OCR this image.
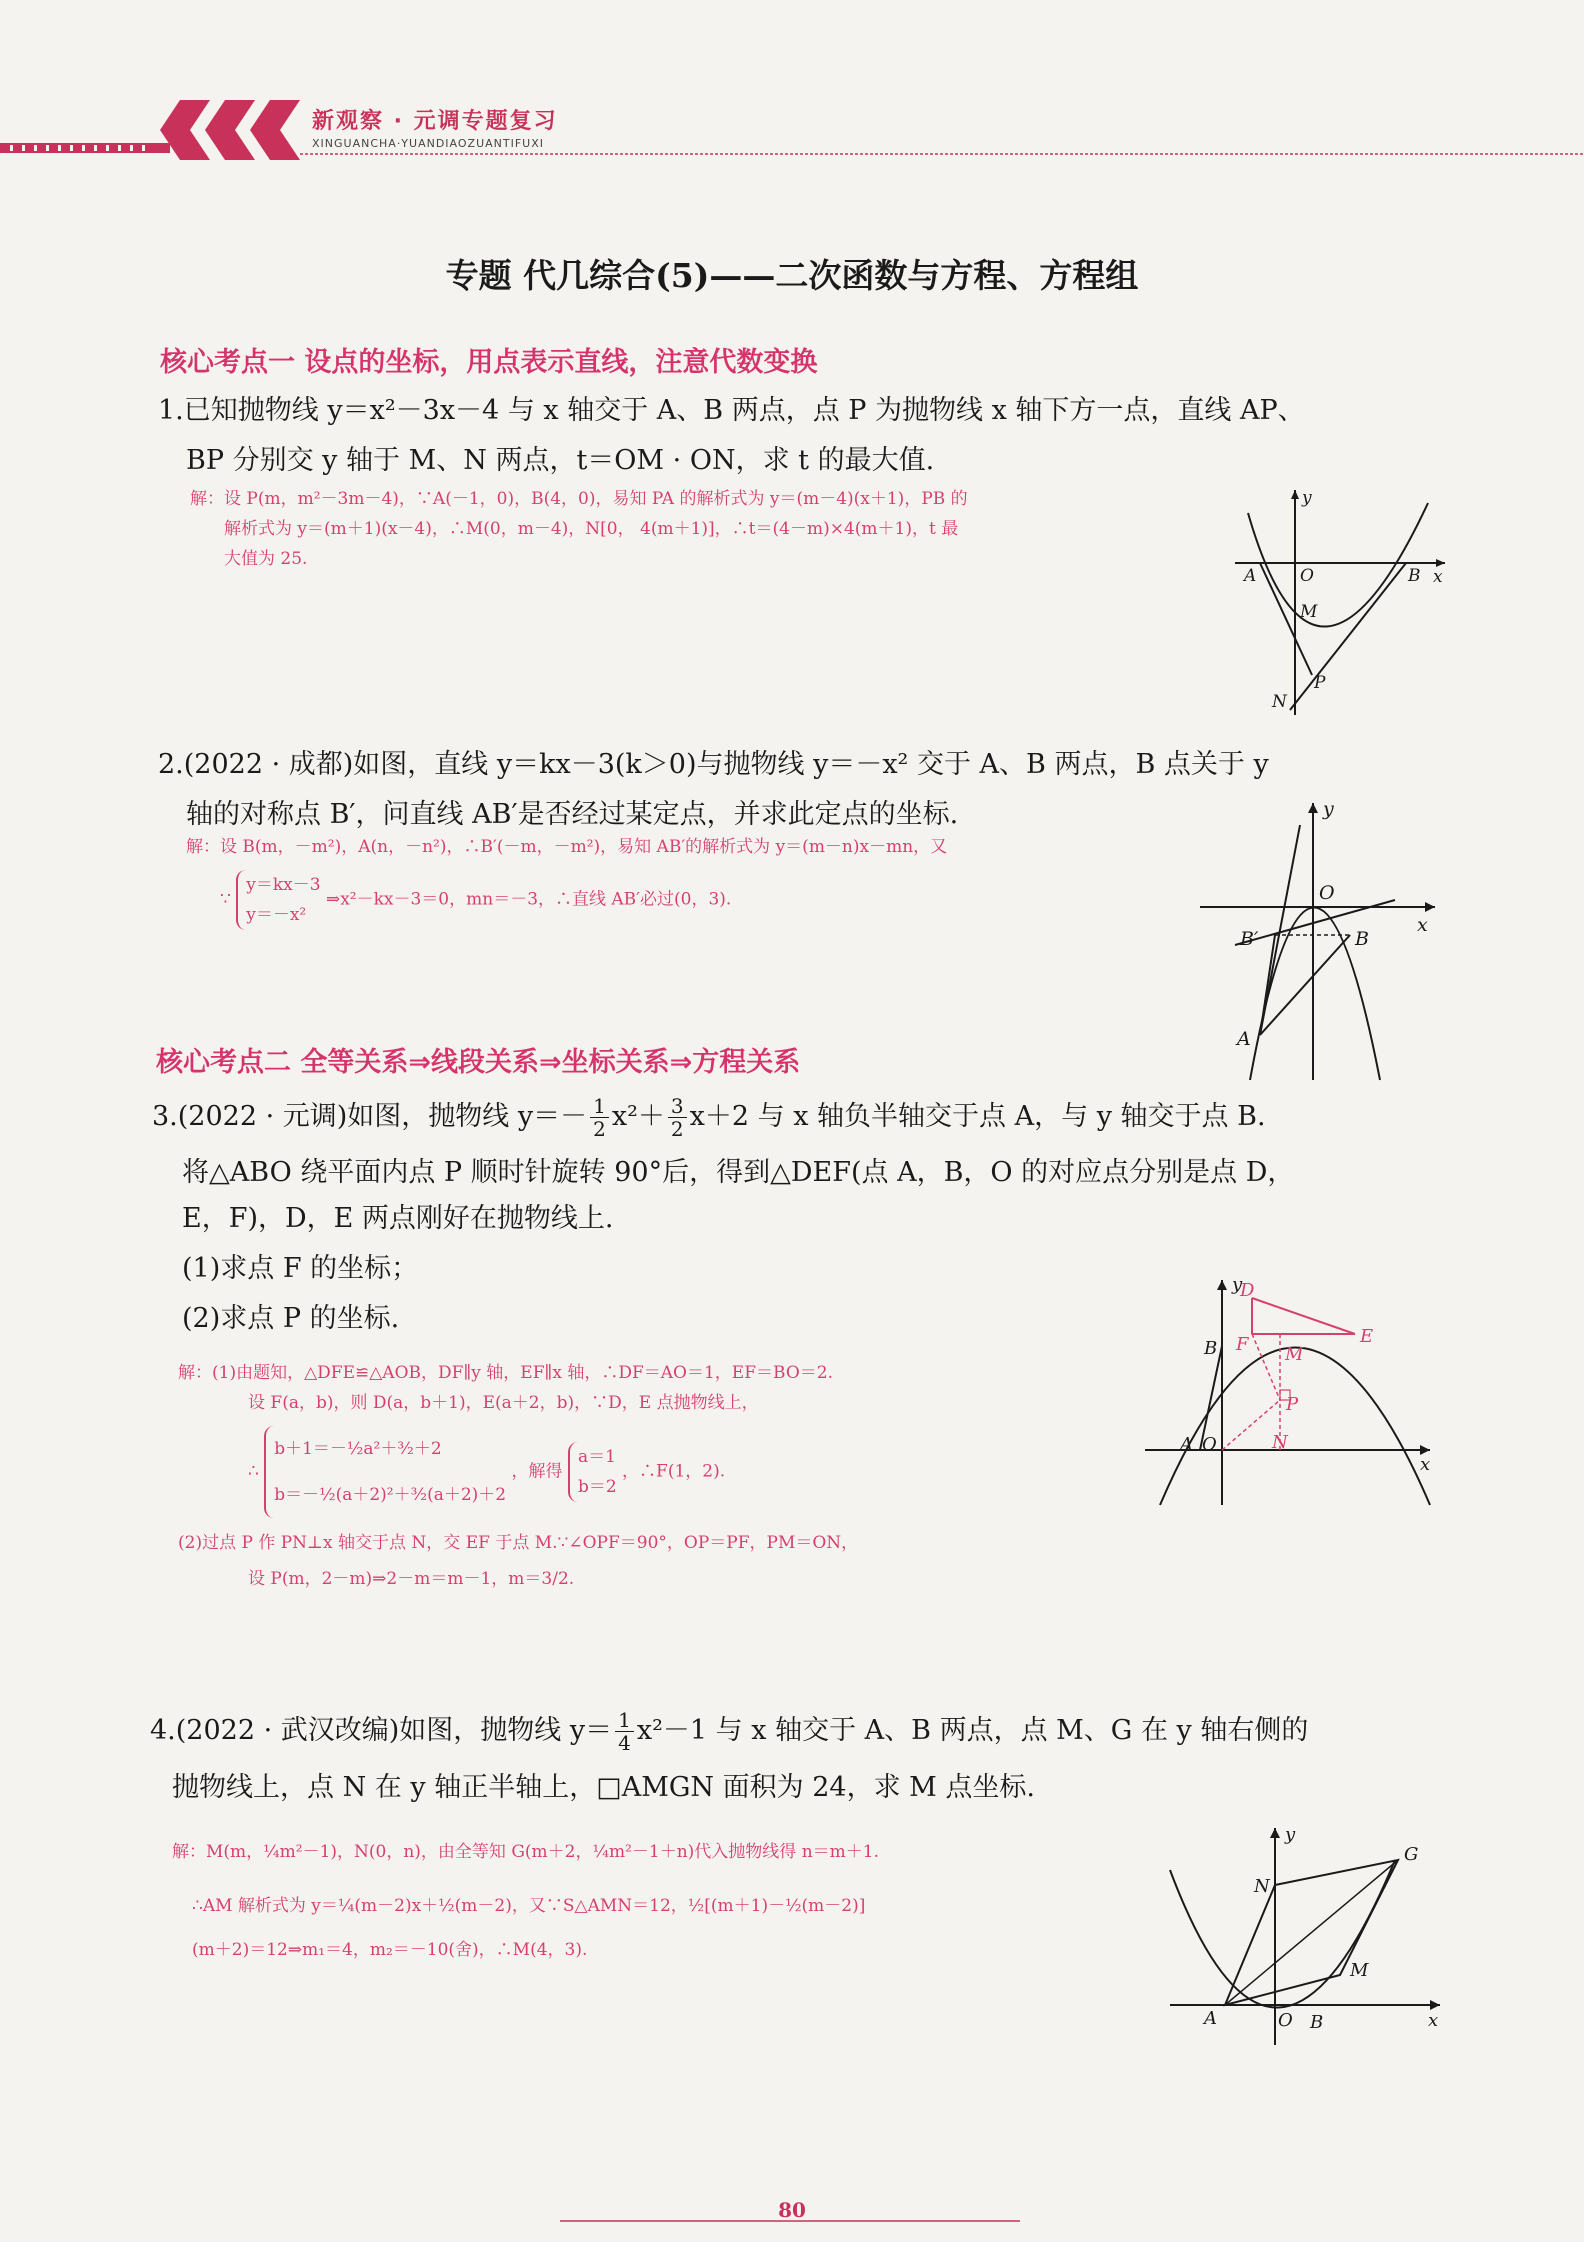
新观察 · 元调专题复习
XINGUANCHA·YUANDIAOZUANTIFUXI
专题 代几综合(5)——二次函数与方程、方程组
核心考点一 设点的坐标，用点表示直线，注意代数变换
1.已知抛物线 y＝x²－3x－4 与 x 轴交于 A、B 两点，点 P 为抛物线 x 轴下方一点，直线 AP、
BP 分别交 y 轴于 M、N 两点，t＝OM · ON，求 t 的最大值.
解：设 P(m，m²－3m－4)，∵A(－1，0)，B(4，0)，易知 PA 的解析式为 y＝(m－4)(x＋1)，PB 的
解析式为 y＝(m＋1)(x－4)，∴M(0，m－4)，N[0， 4(m＋1)]，∴t＝(4－m)×4(m＋1)，t 最
大值为 25.
y
x
A	O	B
M
N
P
2.(2022 · 成都)如图，直线 y＝kx－3(k＞0)与抛物线 y＝－x² 交于 A、B 两点，B 点关于 y
轴的对称点 B′，问直线 AB′是否经过某定点，并求此定点的坐标.
解：设 B(m，－m²)，A(n，－n²)，∴B′(－m，－m²)，易知 AB′的解析式为 y＝(m－n)x－mn，又
∵
y＝kx－3
y＝－x²
⇒x²－kx－3＝0，mn＝－3，∴直线 AB′必过(0，3).
y
x
O
B′	B
A
核心考点二 全等关系⇒线段关系⇒坐标关系⇒方程关系
3.(2022 · 元调)如图，抛物线 $y=- \frac{1}{2} x^2+ \frac{3}{2} x+2$ 与 x 轴负半轴交于点 A，与 y 轴交于点 B.
将△ABO 绕平面内点 P 顺时针旋转 90°后，得到△DEF(点 A，B，O 的对应点分别是点 D，
E，F)，D，E 两点刚好在抛物线上.
(1)求点 F 的坐标；
(2)求点 P 的坐标.
解：(1)由题知，△DFE≌△AOB，DF∥y 轴，EF∥x 轴，∴DF＝AO＝1，EF＝BO＝2.
设 F(a，b)，则 D(a，b＋1)，E(a＋2，b)，∵D，E 点抛物线上，
∴
b＋1＝－½a²＋³⁄₂＋2
b＝－½(a＋2)²＋³⁄₂(a＋2)＋2
，解得
a＝1
b＝2
，∴F(1，2).
(2)过点 P 作 PN⊥x 轴交于点 N，交 EF 于点 M.∵∠OPF＝90°，OP＝PF，PM＝ON，
设 P(m，2－m)⇒2－m＝m－1，m＝3/2.
y
x
D
B F	E
M
P
A O	N
4.(2022 · 武汉改编)如图，抛物线 $y= \frac{1}{4} x^2-1$ 与 x 轴交于 A、B 两点，点 M、G 在 y 轴右侧的
抛物线上，点 N 在 y 轴正半轴上，□AMGN 面积为 24，求 M 点坐标.
解：M(m，¼m²－1)，N(0，n)，由全等知 G(m＋2，¼m²－1＋n)代入抛物线得 n＝m＋1.
∴AM 解析式为 y＝¼(m－2)x＋½(m－2)，又∵S△AMN＝12，½[(m＋1)－½(m－2)]
(m＋2)＝12⇒m₁＝4，m₂＝－10(舍)，∴M(4，3).
y
x
N
G
M
A	O B
80
